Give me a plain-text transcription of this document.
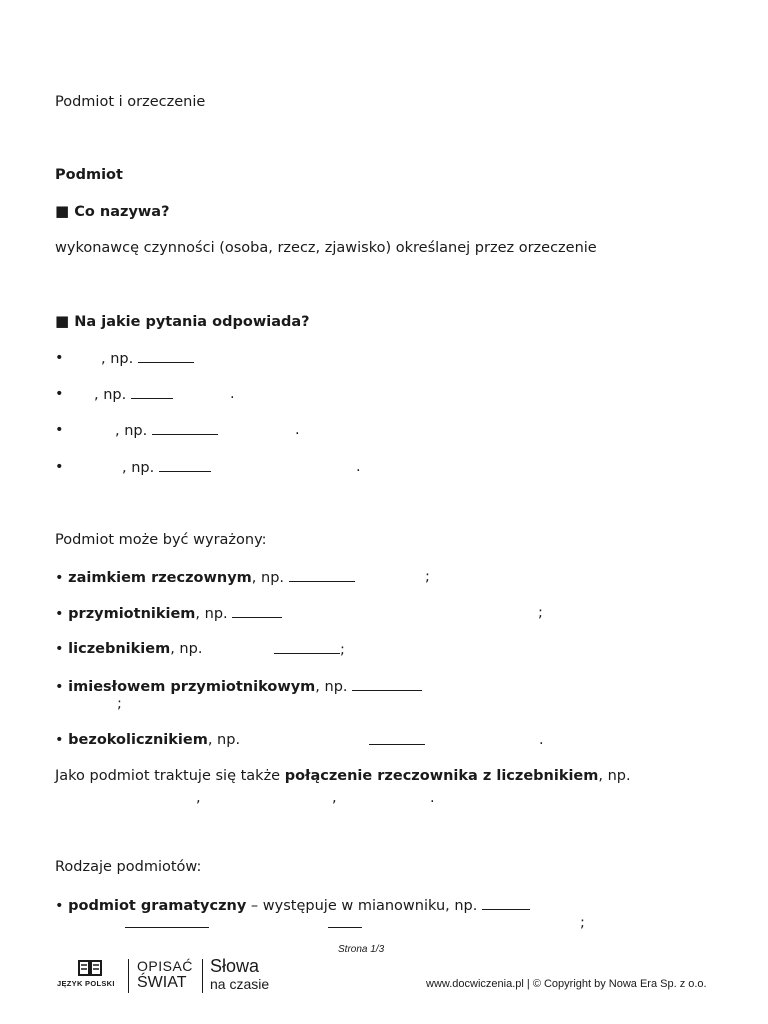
Podmiot i orzeczenie
Podmiot
■ Co nazywa?
wykonawcę czynności (osoba, rzecz, zjawisko) określanej przez orzeczenie
■ Na jakie pytania odpowiada?
•	, np.
• , np.	.
•	, np.	.
•	, np.	.
Podmiot może być wyrażony:
• zaimkiem rzeczownym, np.	;
• przymiotnikiem, np.	;
• liczebnikiem, np.	;
• imiesłowem przymiotnikowym, np.
;
• bezokolicznikiem, np.	.
Jako podmiot traktuje się także połączenie rzeczownika z liczebnikiem, np.
,	,	.
Rodzaje podmiotów:
• podmiot gramatyczny – występuje w mianowniku, np.
;
Strona 1/3
JĘZYK POLSKI
OPISAĆ
ŚWIAT
Słowa
na czasie	www.docwiczenia.pl | © Copyright by Nowa Era Sp. z o.o.
